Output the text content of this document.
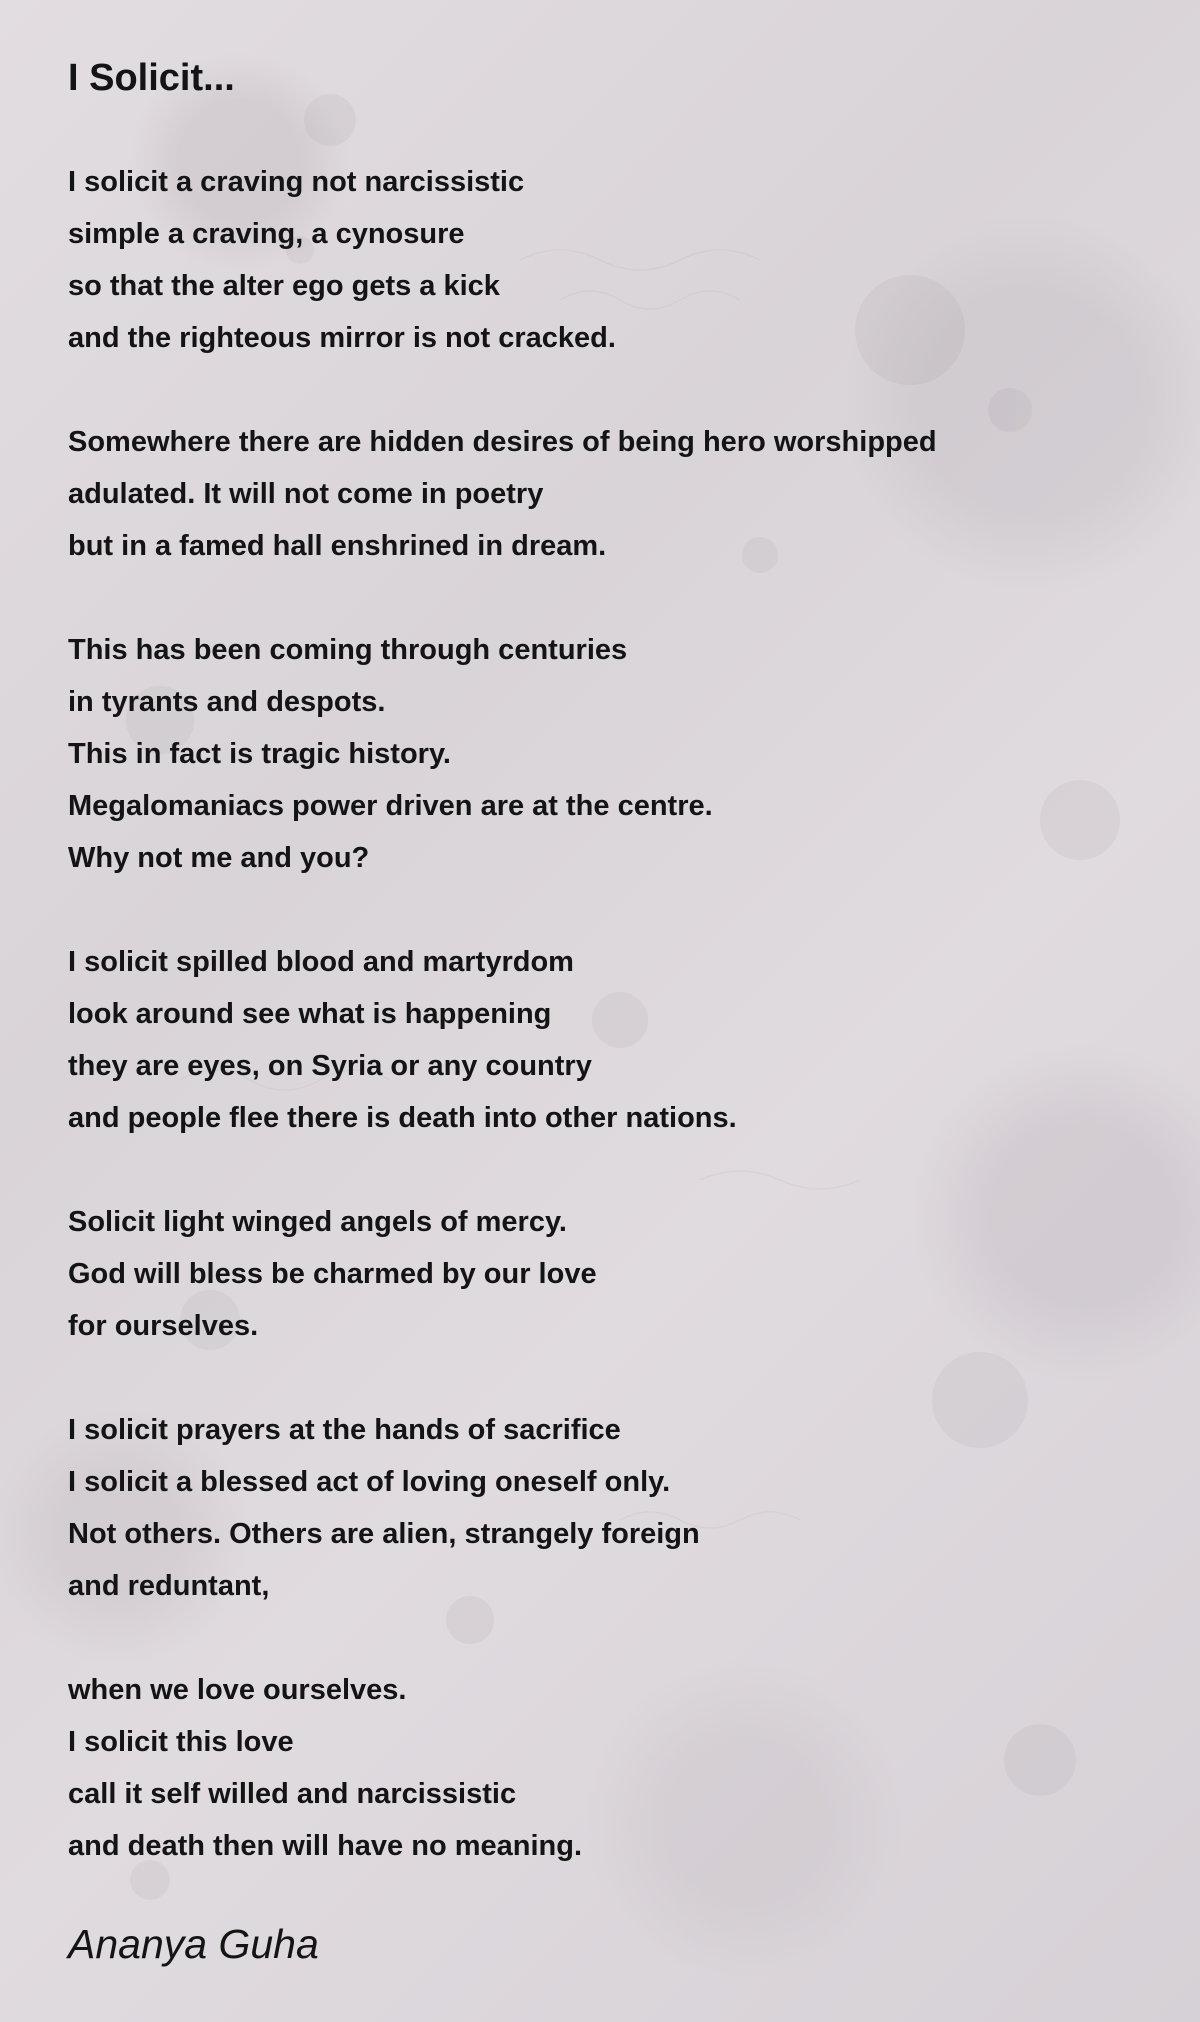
I Solicit...
I solicit a craving not narcissistic
simple a craving, a cynosure
so that the alter ego gets a kick
and the righteous mirror is not cracked.
Somewhere there are hidden desires of being hero worshipped
adulated. It will not come in poetry
but in a famed hall enshrined in dream.
This has been coming through centuries
in tyrants and despots.
This in fact is tragic history.
Megalomaniacs power driven are at the centre.
Why not me and you?
I solicit spilled blood and martyrdom
look around see what is happening
they are eyes, on Syria or any country
and people flee there is death into other nations.
Solicit light winged angels of mercy.
God will bless be charmed by our love
for ourselves.
I solicit prayers at the hands of sacrifice
I solicit a blessed act of loving oneself only.
Not others. Others are alien, strangely foreign
and reduntant,
when we love ourselves.
I solicit this love
call it self willed and narcissistic
and death then will have no meaning.
Ananya Guha
